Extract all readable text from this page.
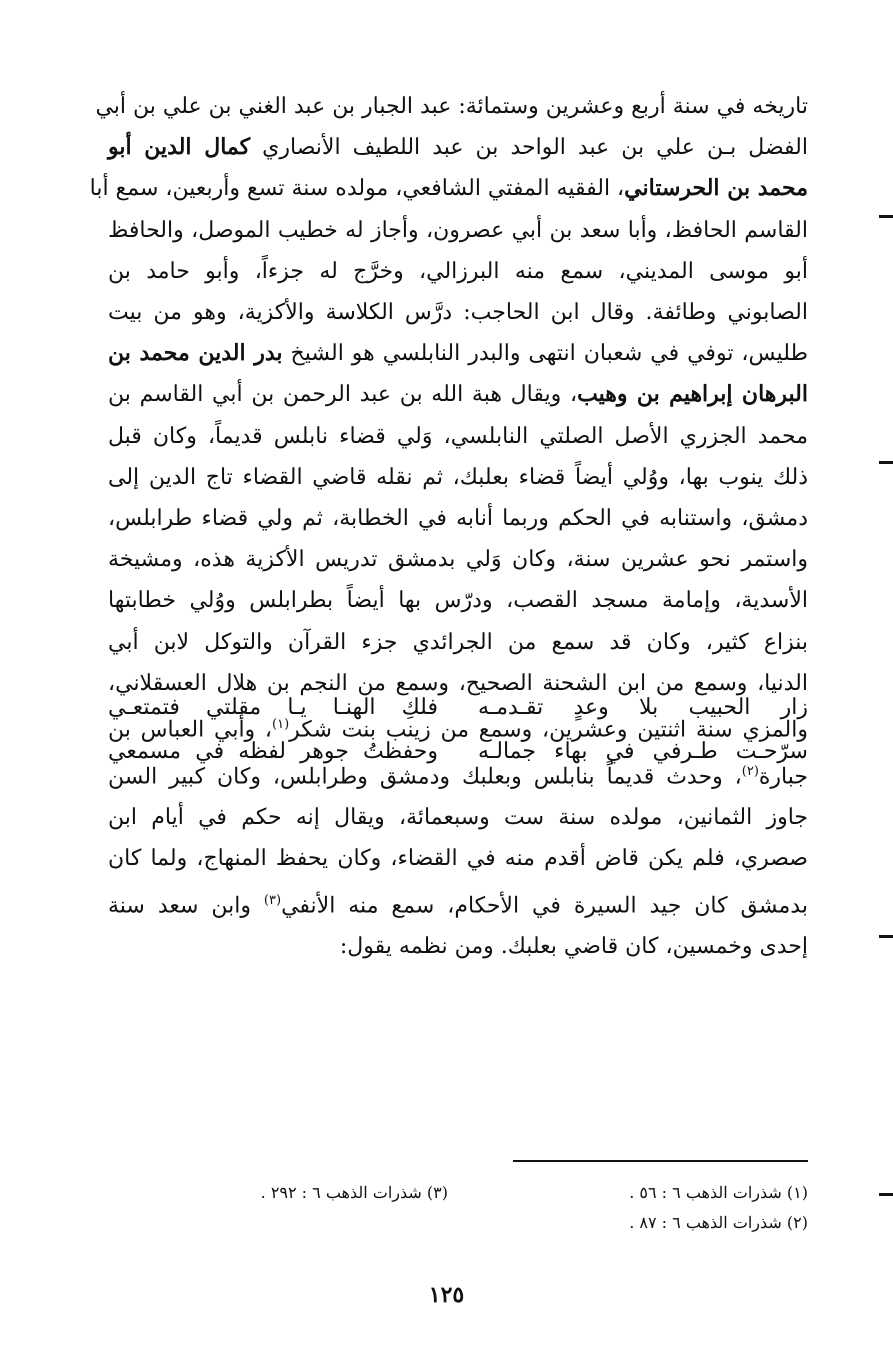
تاريخه في سنة أربع وعشرين وستمائة: عبد الجبار بن عبد الغني بن علي بن أبي
الفضل بـن علي بن عبد الواحد بن عبد اللطيف الأنصاري كمال الدين أبو
محمد بن الحرستاني، الفقيه المفتي الشافعي، مولده سنة تسع وأربعين، سمع أبا
القاسم الحافظ، وأبا سعد بن أبي عصرون، وأجاز له خطيب الموصل، والحافظ
أبو موسى المديني، سمع منه البرزالي، وخرَّج له جزءاً، وأبو حامد بن
الصابوني وطائفة. وقال ابن الحاجب: درَّس الكلاسة والأكزية، وهو من بيت
طليس، توفي في شعبان انتهى والبدر النابلسي هو الشيخ بدر الدين محمد بن
البرهان إبراهيم بن وهيب، ويقال هبة الله بن عبد الرحمن بن أبي القاسم بن
محمد الجزري الأصل الصلتي النابلسي، وَلي قضاء نابلس قديماً، وكان قبل
ذلك ينوب بها، ووُلي أيضاً قضاء بعلبك، ثم نقله قاضي القضاء تاج الدين إلى
دمشق، واستنابه في الحكم وربما أنابه في الخطابة، ثم ولي قضاء طرابلس،
واستمر نحو عشرين سنة، وكان وَلي بدمشق تدريس الأكزية هذه، ومشيخة
الأسدية، وإمامة مسجد القصب، ودرّس بها أيضاً بطرابلس ووُلي خطابتها
بنزاع كثير، وكان قد سمع من الجرائدي جزء القرآن والتوكل لابن أبي
الدنيا، وسمع من ابن الشحنة الصحيح، وسمع من النجم بن هلال العسقلاني،
والمزي سنة اثنتين وعشرين، وسمع من زينب بنت شكر$^{(١)}$، وأبي العباس بن
جبارة$^{(٢)}$، وحدث قديماً بنابلس وبعلبك ودمشق وطرابلس، وكان كبير السن
جاوز الثمانين، مولده سنة ست وسبعمائة، ويقال إنه حكم في أيام ابن
صصري، فلم يكن قاض أقدم منه في القضاء، وكان يحفظ المنهاج، ولما كان
بدمشق كان جيد السيرة في الأحكام، سمع منه الأنفي$^{(٣)}$ وابن سعد سنة
إحدى وخمسين، كان قاضي بعلبك. ومن نظمه يقول:
زار الحبيب بلا وعدٍ تقـدمـه
فلكِ الهنـا يـا مقلتي فتمتعـي
سرّحـت طـرفي في بهاء جمالـه
وحفظتُ جوهر لفظه في مسمعي
(١) شذرات الذهب ٦ : ٥٦ .
(٣) شذرات الذهب ٦ : ٢٩٢ .
(٢) شذرات الذهب ٦ : ٨٧ .
١٢٥
